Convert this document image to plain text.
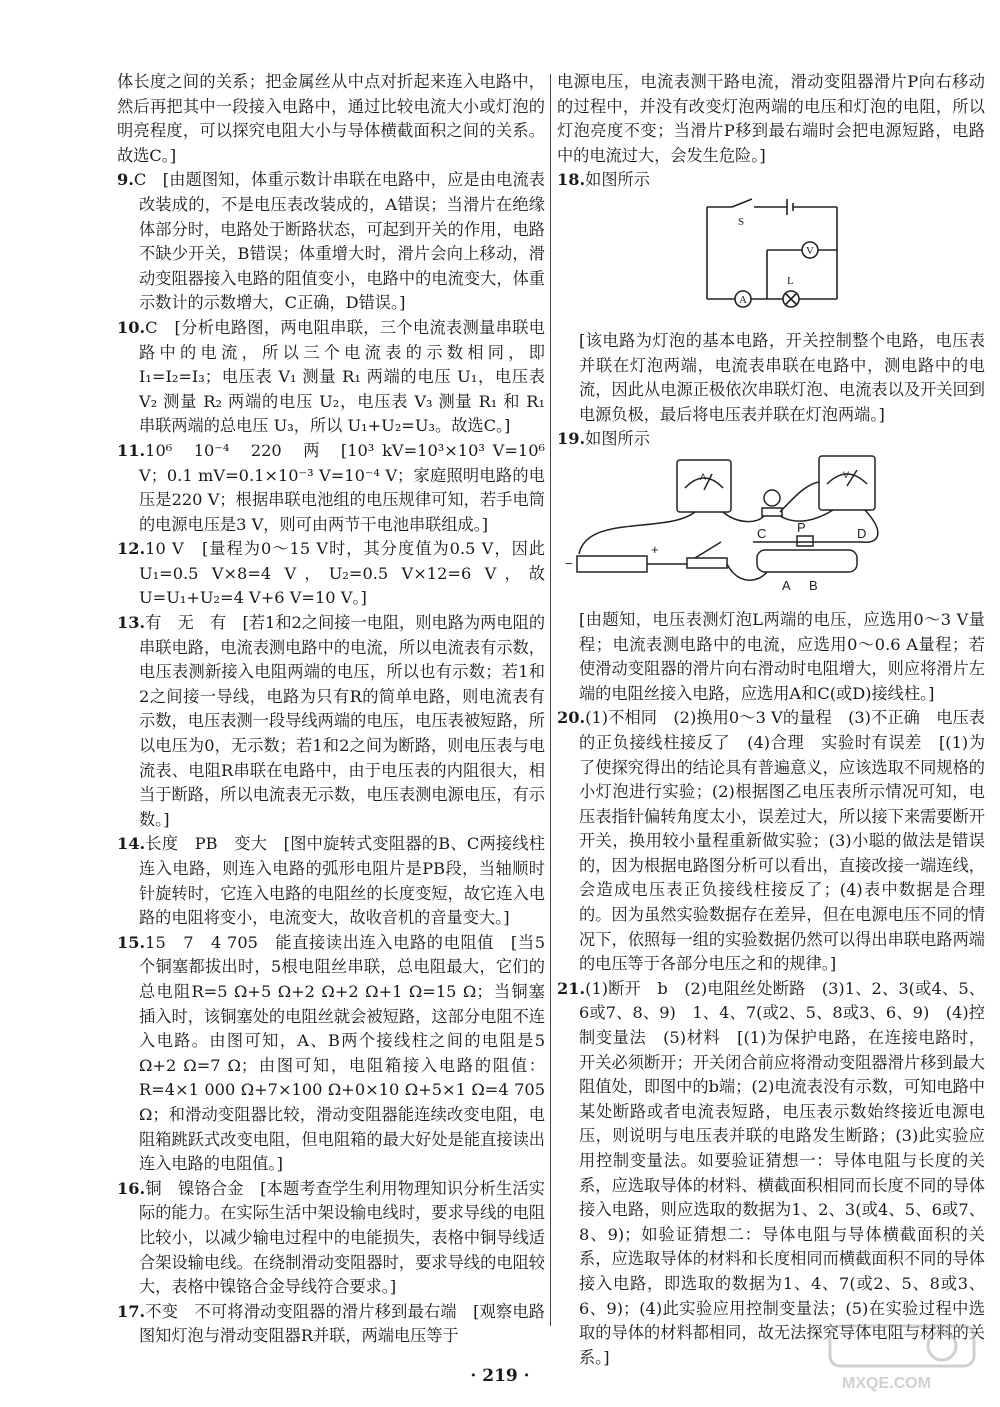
体长度之间的关系；把金属丝从中点对折起来连入电路中，然后再把其中一段接入电路中，通过比较电流大小或灯泡的明亮程度，可以探究电阻大小与导体横截面积之间的关系。故选C。]

9.C　 [由题图知，体重示数计串联在电路中，应是由电流表改装成的，不是电压表改装成的，A错误；当滑片在绝缘体部分时，电路处于断路状态，可起到开关的作用，电路不缺少开关，B错误；体重增大时，滑片会向上移动，滑动变阻器接入电路的阻值变小，电路中的电流变大，体重示数计的示数增大，C正确，D错误。]

10.C　 [分析电路图，两电阻串联，三个电流表测量串联电路中的电流，所以三个电流表的示数相同，即 I₁=I₂=I₃；电压表 V₁ 测量 R₁ 两端的电压 U₁，电压表 V₂ 测量 R₂ 两端的电压 U₂，电压表 V₃ 测量 R₁ 和 R₁ 串联两端的总电压 U₃，所以 U₁+U₂=U₃。故选C。]

11.10⁶　10⁻⁴　220　两　 [10³ kV=10³×10³ V=10⁶ V；0.1 mV=0.1×10⁻³ V=10⁻⁴ V；家庭照明电路的电压是220 V；根据串联电池组的电压规律可知，若手电筒的电源电压是3 V，则可由两节干电池串联组成。]

12.10 V　 [量程为0～15 V时，其分度值为0.5 V，因此U₁=0.5 V×8=4 V，U₂=0.5 V×12=6 V，故U=U₁+U₂=4 V+6 V=10 V。]

13.有　无　有　 [若1和2之间接一电阻，则电路为两电阻的串联电路，电流表测电路中的电流，所以电流表有示数，电压表测新接入电阻两端的电压，所以也有示数；若1和2之间接一导线，电路为只有R的简单电路，则电流表有示数，电压表测一段导线两端的电压，电压表被短路，所以电压为0，无示数；若1和2之间为断路，则电压表与电流表、电阻R串联在电路中，由于电压表的内阻很大，相当于断路，所以电流表无示数，电压表测电源电压，有示数。]

14.长度　PB　变大　 [图中旋转式变阻器的B、C两接线柱连入电路，则连入电路的弧形电阻片是PB段，当轴顺时针旋转时，它连入电路的电阻丝的长度变短，故它连入电路的电阻将变小，电流变大，故收音机的音量变大。]

15.15　7　4 705　能直接读出连入电路的电阻值　 [当5个铜塞都拔出时，5根电阻丝串联，总电阻最大，它们的总电阻R=5 Ω+5 Ω+2 Ω+2 Ω+1 Ω=15 Ω；当铜塞插入时，该铜塞处的电阻丝就会被短路，这部分电阻不连入电路。由图可知，A、B两个接线柱之间的电阻是5 Ω+2 Ω=7 Ω；由图可知，电阻箱接入电路的阻值：R=4×1 000 Ω+7×100 Ω+0×10 Ω+5×1 Ω=4 705 Ω；和滑动变阻器比较，滑动变阻器能连续改变电阻，电阻箱跳跃式改变电阻，但电阻箱的最大好处是能直接读出连入电路的电阻值。]

16.铜　镍铬合金　 [本题考查学生利用物理知识分析生活实际的能力。在实际生活中架设输电线时，要求导线的电阻比较小，以减少输电过程中的电能损失，表格中铜导线适合架设输电线。在绕制滑动变阻器时，要求导线的电阻较大，表格中镍铬合金导线符合要求。]

17.不变　不可将滑动变阻器的滑片移到最右端　 [观察电路图知灯泡与滑动变阻器R并联，两端电压等于

电源电压，电流表测干路电流，滑动变阻器滑片P向右移动的过程中，并没有改变灯泡两端的电压和灯泡的电阻，所以灯泡亮度不变；当滑片P移到最右端时会把电源短路，电路中的电流过大，会发生危险。]

18.如图所示

S
V
L
A

[该电路为灯泡的基本电路，开关控制整个电路，电压表并联在灯泡两端，电流表串联在电路中，测电路中的电流，因此从电源正极依次串联灯泡、电流表以及开关回到电源负极，最后将电压表并联在灯泡两端。]

19.如图所示

A	V
C P	D
A B
−
+

[由题知，电压表测灯泡L两端的电压，应选用0～3 V量程；电流表测电路中的电流，应选用0～0.6 A量程；若使滑动变阻器的滑片向右滑动时电阻增大，则应将滑片左端的电阻丝接入电路，应选用A和C(或D)接线柱。]

20.(1)不相同　(2)换用0～3 V的量程　(3)不正确　电压表的正负接线柱接反了　(4)合理　实验时有误差　 [(1)为了使探究得出的结论具有普遍意义，应该选取不同规格的小灯泡进行实验；(2)根据图乙电压表所示情况可知，电压表指针偏转角度太小，误差过大，所以接下来需要断开开关，换用较小量程重新做实验；(3)小聪的做法是错误的，因为根据电路图分析可以看出，直接改接一端连线，会造成电压表正负接线柱接反了；(4)表中数据是合理的。因为虽然实验数据存在差异，但在电源电压不同的情况下，依照每一组的实验数据仍然可以得出串联电路两端的电压等于各部分电压之和的规律。]

21.(1)断开　b　(2)电阻丝处断路　(3)1、2、3(或4、5、6或7、8、9)　1、4、7(或2、5、8或3、6、9)　(4)控制变量法　(5)材料　 [(1)为保护电路，在连接电路时，开关必须断开；开关闭合前应将滑动变阻器滑片移到最大阻值处，即图中的b端；(2)电流表没有示数，可知电路中某处断路或者电流表短路，电压表示数始终接近电源电压，则说明与电压表并联的电路发生断路；(3)此实验应用控制变量法。如要验证猜想一：导体电阻与长度的关系，应选取导体的材料、横截面积相同而长度不同的导体接入电路，则应选取的数据为1、2、3(或4、5、6或7、8、9)；如验证猜想二：导体电阻与导体横截面积的关系，应选取导体的材料和长度相同而横截面积不同的导体接入电路，即选取的数据为1、4、7(或2、5、8或3、6、9)；(4)此实验应用控制变量法；(5)在实验过程中选取的导体的材料都相同，故无法探究导体电阻与材料的关系。]

· 219 ·	MXQE.COM
